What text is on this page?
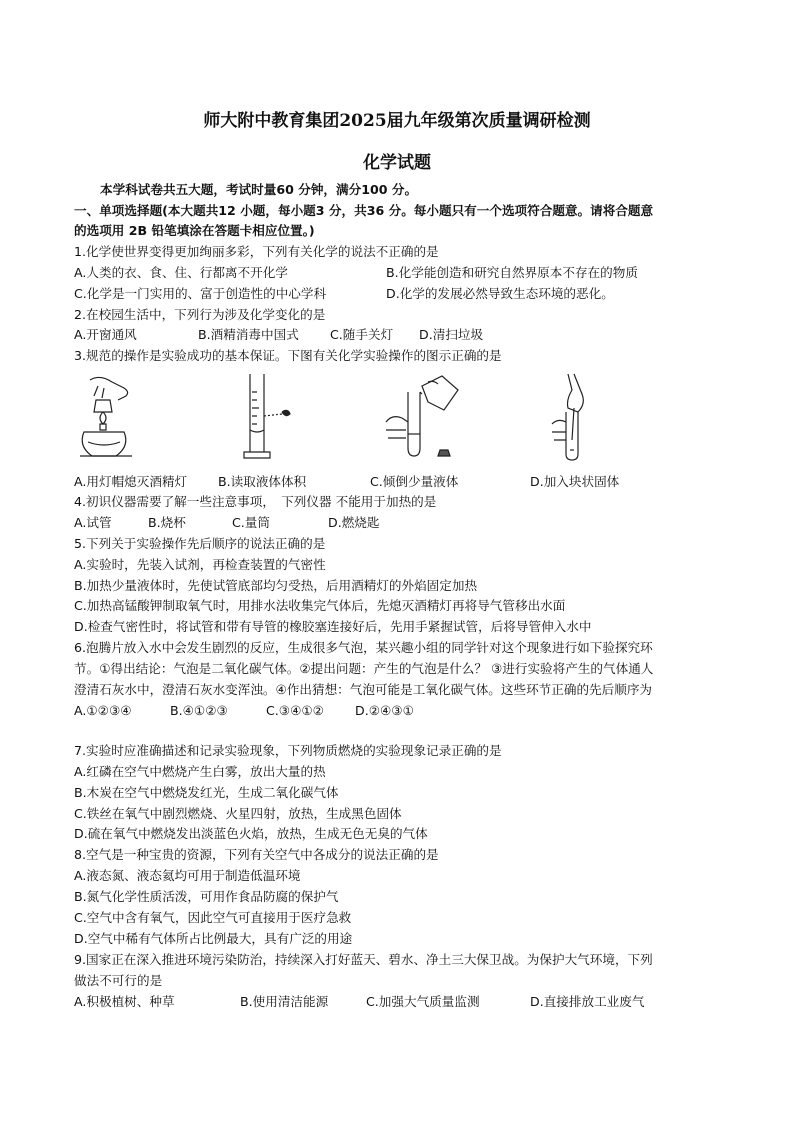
师大附中教育集团2025届九年级第次质量调研检测
化学试题
本学科试卷共五大题，考试时量60 分钟，满分100 分。
一、单项选择题(本大题共12 小题，每小题3 分，共36 分。每小题只有一个选项符合题意。请将合题意
的选项用 2B 铅笔填涂在答题卡相应位置。)
1.化学使世界变得更加绚丽多彩，下列有关化学的说法不正确的是
A.人类的衣、食、住、行都离不开化学	B.化学能创造和研究自然界原本不存在的物质
C.化学是一门实用的、富于创造性的中心学科	D.化学的发展必然导致生态环境的恶化。
2.在校园生活中，下列行为涉及化学变化的是
A.开窗通风	B.酒精消毒中国式 C.随手关灯 D.清扫垃圾
3.规范的操作是实验成功的基本保证。下图有关化学实验操作的图示正确的是
A.用灯帽熄灭酒精灯 B.读取液体体积	C.倾倒少量液体	D.加入块状固体
4.初识仪器需要了解一些注意事项，　下列仪器 不能用于加热的是
A.试管	B.烧杯	C.量筒	D.燃烧匙
5.下列关于实验操作先后顺序的说法正确的是
A.实验时，先装入试剂，再检查装置的气密性
B.加热少量液体时，先使试管底部均匀受热，后用酒精灯的外焰固定加热
C.加热高锰酸钾制取氧气时，用排水法收集完气体后，先熄灭酒精灯再将导气管移出水面
D.检查气密性时，将试管和带有导管的橡胶塞连接好后，先用手紧握试管，后将导管伸入水中
6.泡腾片放入水中会发生剧烈的反应，生成很多气泡，某兴趣小组的同学针对这个现象进行如下验探究环
节。①得出结论：气泡是二氧化碳气体。②提出问题：产生的气泡是什么？ ③进行实验将产生的气体通人
澄清石灰水中，澄清石灰水变浑浊。④作出猜想：气泡可能是工氧化碳气体。这些环节正确的先后顺序为
A.①②③④	B.④①②③	C.③④①② D.②④③①
7.实验时应准确描述和记录实验现象，下列物质燃烧的实验现象记录正确的是
A.红磷在空气中燃烧产生白雾，放出大量的热
B.木炭在空气中燃烧发红光，生成二氧化碳气体
C.铁丝在氧气中剧烈燃烧、火星四射，放热，生成黑色固体
D.硫在氧气中燃烧发出淡蓝色火焰，放热，生成无色无臭的气体
8.空气是一种宝贵的资源，下列有关空气中各成分的说法正确的是
A.液态氮、液态氦均可用于制造低温环境
B.氮气化学性质活泼，可用作食品防腐的保护气
C.空气中含有氧气，因此空气可直接用于医疗急救
D.空气中稀有气体所占比例最大，具有广泛的用途
9.国家正在深入推进环境污染防治，持续深入打好蓝天、碧水、净土三大保卫战。为保护大气环境，下列
做法不可行的是
A.积极植树、种草	B.使用清洁能源	C.加强大气质量监测	D.直接排放工业废气
